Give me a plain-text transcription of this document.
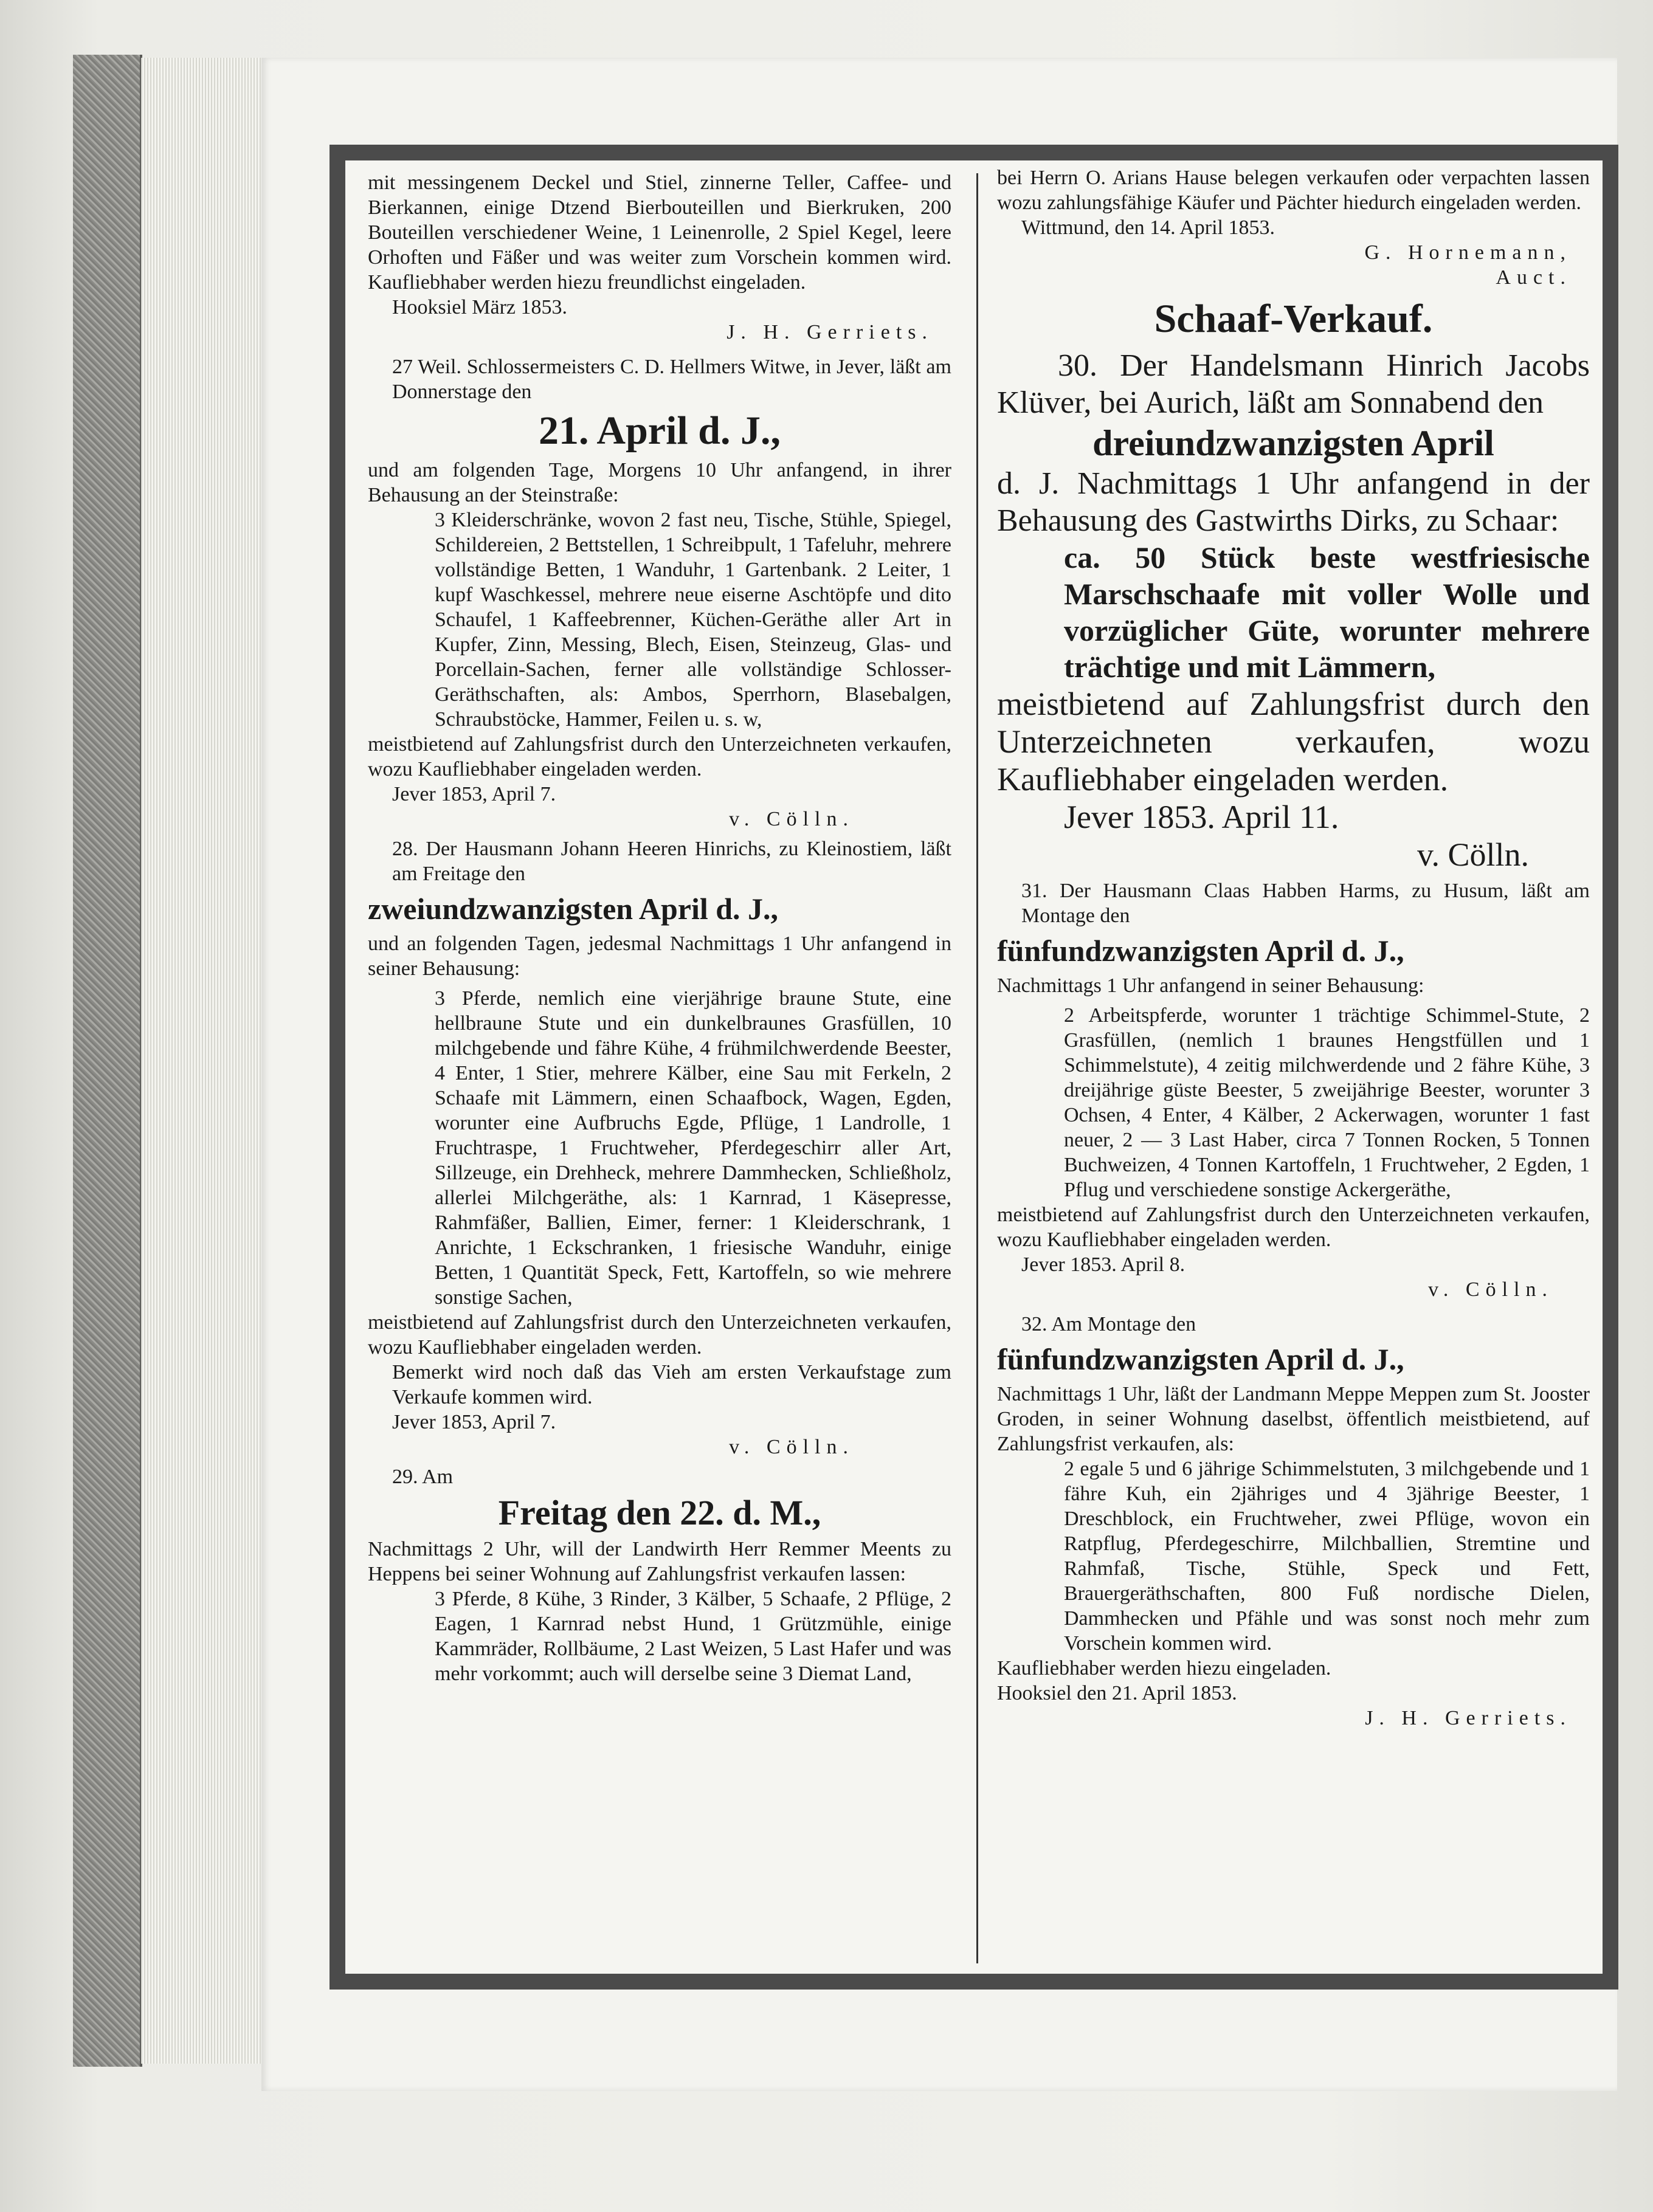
mit messingenem Deckel und Stiel, zinnerne Teller, Caffee- und Bierkannen, einige Dtzend Bierbouteillen und Bierkruken, 200 Bouteillen verschiedener Weine, 1 Leinenrolle, 2 Spiel Kegel, leere Orhoften und Fäßer und was weiter zum Vorschein kommen wird. Kaufliebhaber werden hiezu freundlichst eingeladen.

Hooksiel März 1853.

J. H. Gerriets.

27 Weil. Schlossermeisters C. D. Hellmers Witwe, in Jever, läßt am Donnerstage den

21. April d. J.,

und am folgenden Tage, Morgens 10 Uhr anfangend, in ihrer Behausung an der Steinstraße:

3 Kleiderschränke, wovon 2 fast neu, Tische, Stühle, Spiegel, Schildereien, 2 Bettstellen, 1 Schreibpult, 1 Tafeluhr, mehrere vollständige Betten, 1 Wanduhr, 1 Gartenbank. 2 Leiter, 1 kupf Waschkessel, mehrere neue eiserne Aschtöpfe und dito Schaufel, 1 Kaffeebrenner, Küchen-Geräthe aller Art in Kupfer, Zinn, Messing, Blech, Eisen, Steinzeug, Glas- und Porcellain-Sachen, ferner alle vollständige Schlosser-Geräthschaften, als: Ambos, Sperrhorn, Blasebalgen, Schraubstöcke, Hammer, Feilen u. s. w,

meistbietend auf Zahlungsfrist durch den Unterzeichneten verkaufen, wozu Kaufliebhaber eingeladen werden.

Jever 1853, April 7.

v. Cölln.

28. Der Hausmann Johann Heeren Hinrichs, zu Kleinostiem, läßt am Freitage den

zweiundzwanzigsten April d. J.,

und an folgenden Tagen, jedesmal Nachmittags 1 Uhr anfangend in seiner Behausung:

3 Pferde, nemlich eine vierjährige braune Stute, eine hellbraune Stute und ein dunkelbraunes Grasfüllen, 10 milchgebende und fähre Kühe, 4 frühmilchwerdende Beester, 4 Enter, 1 Stier, mehrere Kälber, eine Sau mit Ferkeln, 2 Schaafe mit Lämmern, einen Schaafbock, Wagen, Egden, worunter eine Aufbruchs Egde, Pflüge, 1 Landrolle, 1 Fruchtraspe, 1 Fruchtweher, Pferdegeschirr aller Art, Sillzeuge, ein Drehheck, mehrere Dammhecken, Schließholz, allerlei Milchgeräthe, als: 1 Karnrad, 1 Käsepresse, Rahmfäßer, Ballien, Eimer, ferner: 1 Kleiderschrank, 1 Anrichte, 1 Eckschranken, 1 friesische Wanduhr, einige Betten, 1 Quantität Speck, Fett, Kartoffeln, so wie mehrere sonstige Sachen,

meistbietend auf Zahlungsfrist durch den Unterzeichneten verkaufen, wozu Kaufliebhaber eingeladen werden.

Bemerkt wird noch daß das Vieh am ersten Verkaufstage zum Verkaufe kommen wird.

Jever 1853, April 7.

v. Cölln.

29. Am

Freitag den 22. d. M.,

Nachmittags 2 Uhr, will der Landwirth Herr Remmer Meents zu Heppens bei seiner Wohnung auf Zahlungsfrist verkaufen lassen:

3 Pferde, 8 Kühe, 3 Rinder, 3 Kälber, 5 Schaafe, 2 Pflüge, 2 Eagen, 1 Karnrad nebst Hund, 1 Grützmühle, einige Kammräder, Rollbäume, 2 Last Weizen, 5 Last Hafer und was mehr vorkommt; auch will derselbe seine 3 Diemat Land,

bei Herrn O. Arians Hause belegen verkaufen oder verpachten lassen wozu zahlungsfähige Käufer und Pächter hiedurch eingeladen werden.

Wittmund, den 14. April 1853.

G. Hornemann,

Auct.

Schaaf-Verkauf.

30. Der Handelsmann Hinrich Jacobs Klüver, bei Aurich, läßt am Sonnabend den

dreiundzwanzigsten April

d. J. Nachmittags 1 Uhr anfangend in der Behausung des Gastwirths Dirks, zu Schaar:

ca. 50 Stück beste westfriesische Marschschaafe mit voller Wolle und vorzüglicher Güte, worunter mehrere trächtige und mit Lämmern,

meistbietend auf Zahlungsfrist durch den Unterzeichneten verkaufen, wozu Kaufliebhaber eingeladen werden.

Jever 1853. April 11.

v. Cölln.

31. Der Hausmann Claas Habben Harms, zu Husum, läßt am Montage den

fünfundzwanzigsten April d. J.,

Nachmittags 1 Uhr anfangend in seiner Behausung:

2 Arbeitspferde, worunter 1 trächtige Schimmel-Stute, 2 Grasfüllen, (nemlich 1 braunes Hengstfüllen und 1 Schimmelstute), 4 zeitig milchwerdende und 2 fähre Kühe, 3 dreijährige güste Beester, 5 zweijährige Beester, worunter 3 Ochsen, 4 Enter, 4 Kälber, 2 Ackerwagen, worunter 1 fast neuer, 2 — 3 Last Haber, circa 7 Tonnen Rocken, 5 Tonnen Buchweizen, 4 Tonnen Kartoffeln, 1 Fruchtweher, 2 Egden, 1 Pflug und verschiedene sonstige Ackergeräthe,

meistbietend auf Zahlungsfrist durch den Unterzeichneten verkaufen, wozu Kaufliebhaber eingeladen werden.

Jever 1853. April 8.

v. Cölln.

32. Am Montage den

fünfundzwanzigsten April d. J.,

Nachmittags 1 Uhr, läßt der Landmann Meppe Meppen zum St. Jooster Groden, in seiner Wohnung daselbst, öffentlich meistbietend, auf Zahlungsfrist verkaufen, als:

2 egale 5 und 6 jährige Schimmelstuten, 3 milchgebende und 1 fähre Kuh, ein 2jähriges und 4 3jährige Beester, 1 Dreschblock, ein Fruchtweher, zwei Pflüge, wovon ein Ratpflug, Pferdegeschirre, Milchballien, Stremtine und Rahmfaß, Tische, Stühle, Speck und Fett, Brauergeräthschaften, 800 Fuß nordische Dielen, Dammhecken und Pfähle und was sonst noch mehr zum Vorschein kommen wird.

Kaufliebhaber werden hiezu eingeladen.

Hooksiel den 21. April 1853.

J. H. Gerriets.
